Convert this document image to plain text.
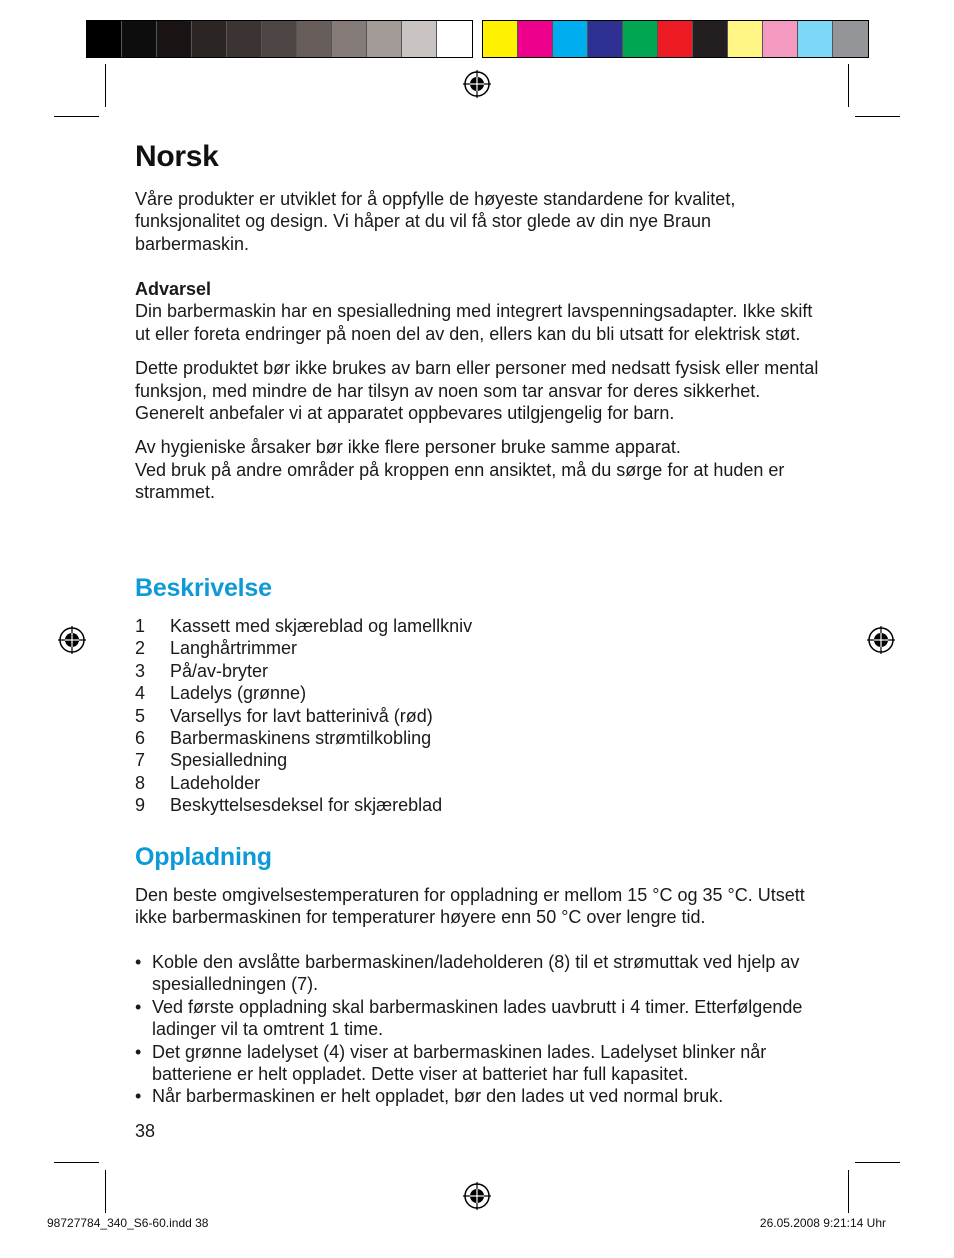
Norsk

Våre produkter er utviklet for å oppfylle de høyeste standardene for kvalitet, funksjonalitet og design. Vi håper at du vil få stor glede av din nye Braun barbermaskin.

Advarsel

Din barbermaskin har en spesialledning med integrert lavspenningsadapter. Ikke skift ut eller foreta endringer på noen del av den, ellers kan du bli utsatt for elektrisk støt.

Dette produktet bør ikke brukes av barn eller personer med nedsatt fysisk eller mental funksjon, med mindre de har tilsyn av noen som tar ansvar for deres sikkerhet. Generelt anbefaler vi at apparatet oppbevares utilgjengelig for barn.

Av hygieniske årsaker bør ikke flere personer bruke samme apparat.

Ved bruk på andre områder på kroppen enn ansiktet, må du sørge for at huden er strammet.

Beskrivelse
1	Kassett med skjæreblad og lamellkniv
2	Langhårtrimmer
3	På/av-bryter
4	Ladelys (grønne)
5	Varsellys for lavt batterinivå (rød)
6	Barbermaskinens strømtilkobling
7	Spesialledning
8	Ladeholder
9	Beskyttelsesdeksel for skjæreblad
Oppladning

Den beste omgivelsestemperaturen for oppladning er mellom 15 °C og 35 °C. Utsett ikke barbermaskinen for temperaturer høyere enn 50 °C over lengre tid.

• Koble den avslåtte barbermaskinen/ladeholderen (8) til et strømuttak ved hjelp av spesialledningen (7).
• Ved første oppladning skal barbermaskinen lades uavbrutt i 4 timer. Etterfølgende ladinger vil ta omtrent 1 time.
• Det grønne ladelyset (4) viser at barbermaskinen lades. Ladelyset blinker når batteriene er helt oppladet. Dette viser at batteriet har full kapasitet.
• Når barbermaskinen er helt oppladet, bør den lades ut ved normal bruk.
38
98727784_340_S6-60.indd 38	26.05.2008 9:21:14 Uhr
